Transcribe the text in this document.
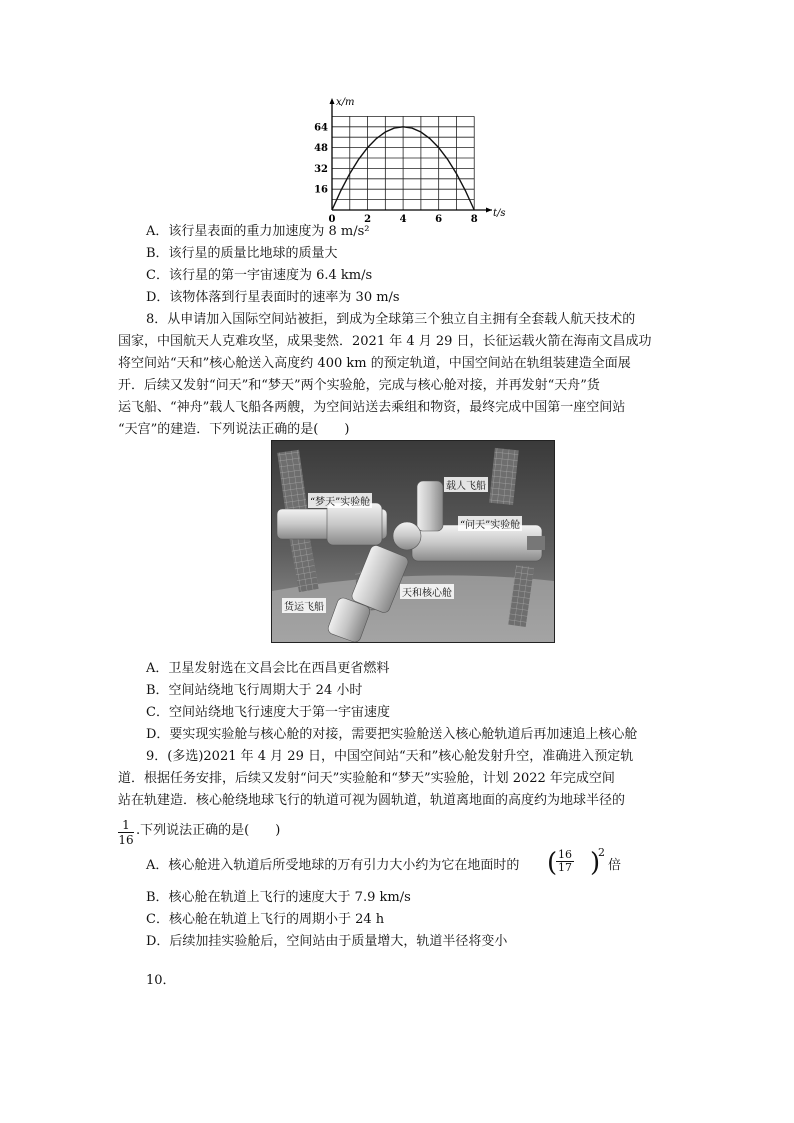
x/m
t/s
0	2	4	6	8
16
32
48
64
A．该行星表面的重力加速度为 8 m/s²
B．该行星的质量比地球的质量大
C．该行星的第一宇宙速度为 6.4 km/s
D．该物体落到行星表面时的速率为 30 m/s
8．从申请加入国际空间站被拒，到成为全球第三个独立自主拥有全套载人航天技术的
国家，中国航天人克难攻坚，成果斐然．2021 年 4 月 29 日，长征运载火箭在海南文昌成功
将空间站“天和”核心舱送入高度约 400 km 的预定轨道，中国空间站在轨组装建造全面展
开．后续又发射“问天”和“梦天”两个实验舱，完成与核心舱对接，并再发射“天舟”货
运飞船、“神舟”载人飞船各两艘，为空间站送去乘组和物资，最终完成中国第一座空间站
“天宫”的建造．下列说法正确的是(　　)
“梦天”实验舱
载人飞船
“问天”实验舱
天和核心舱
货运飞船
A．卫星发射选在文昌会比在西昌更省燃料
B．空间站绕地飞行周期大于 24 小时
C．空间站绕地飞行速度大于第一宇宙速度
D．要实现实验舱与核心舱的对接，需要把实验舱送入核心舱轨道后再加速追上核心舱
9．(多选)2021 年 4 月 29 日，中国空间站“天和”核心舱发射升空，准确进入预定轨
道．根据任务安排，后续又发射“问天”实验舱和“梦天”实验舱，计划 2022 年完成空间
站在轨建造．核心舱绕地球飞行的轨道可视为圆轨道，轨道离地面的高度约为地球半径的
$\frac{1}{16}$ .下列说法正确的是(　　)
A．核心舱进入轨道后所受地球的万有引力大小约为它在地面时的 (
$\frac{16}{17}$ )
2
倍
B．核心舱在轨道上飞行的速度大于 7.9 km/s
C．核心舱在轨道上飞行的周期小于 24 h
D．后续加挂实验舱后，空间站由于质量增大，轨道半径将变小
10．
